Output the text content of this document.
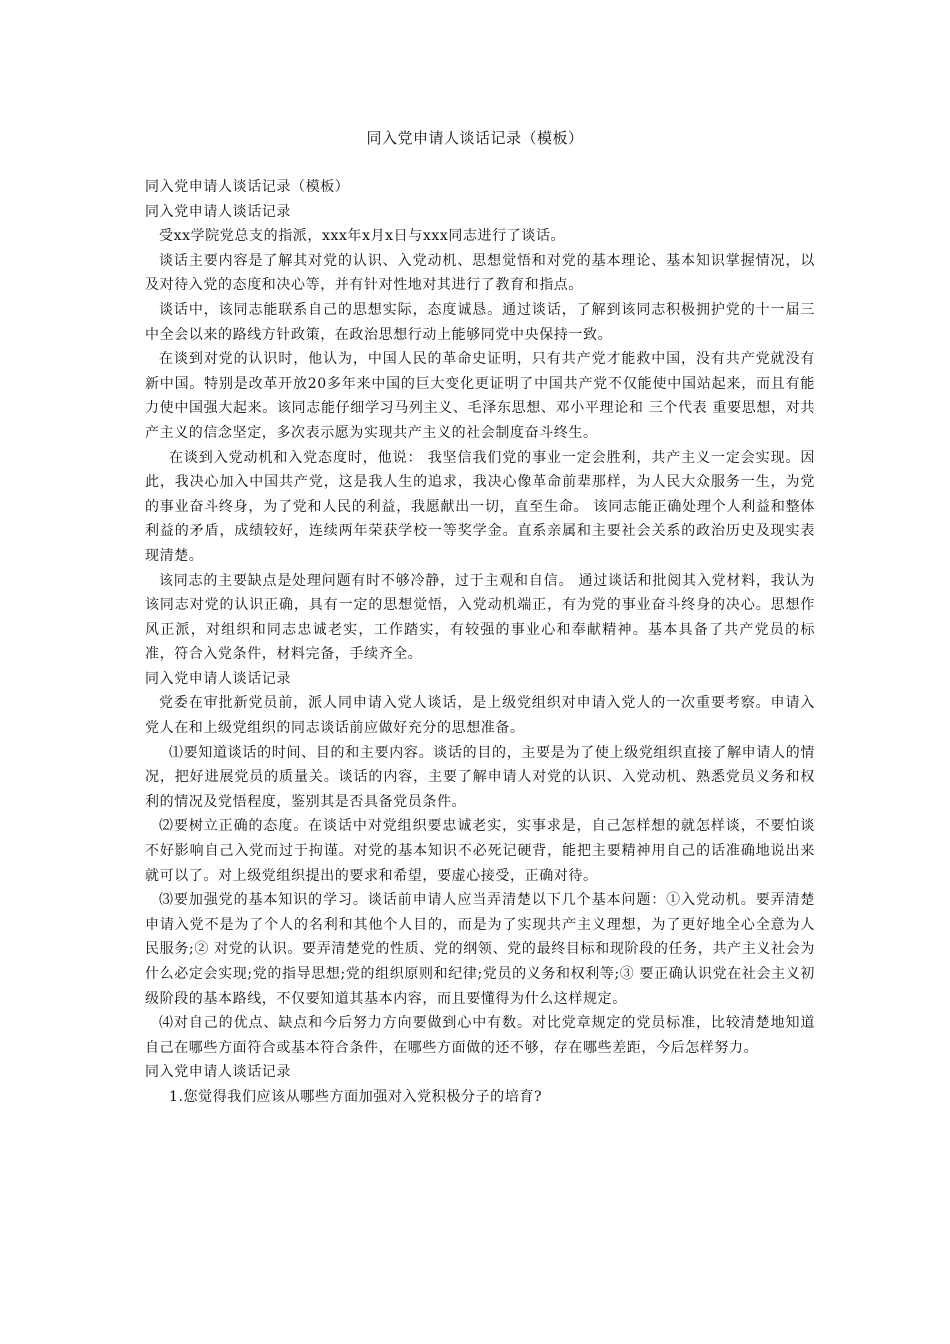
同入党申请人谈话记录（模板）

同入党申请人谈话记录（模板）

同入党申请人谈话记录

受xx学院党总支的指派，xxx年x月x日与xxx同志进行了谈话。

谈话主要内容是了解其对党的认识、入党动机、思想觉悟和对党的基本理论、基本知识掌握情况，以及对待入党的态度和决心等，并有针对性地对其进行了教育和指点。

谈话中，该同志能联系自己的思想实际，态度诚恳。通过谈话，了解到该同志积极拥护党的十一届三中全会以来的路线方针政策，在政治思想行动上能够同党中央保持一致。

在谈到对党的认识时，他认为，中国人民的革命史证明，只有共产党才能救中国，没有共产党就没有新中国。特别是改革开放20多年来中国的巨大变化更证明了中国共产党不仅能使中国站起来，而且有能力使中国强大起来。该同志能仔细学习马列主义、毛泽东思想、邓小平理论和 三个代表 重要思想，对共产主义的信念坚定，多次表示愿为实现共产主义的社会制度奋斗终生。

在谈到入党动机和入党态度时，他说： 我坚信我们党的事业一定会胜利，共产主义一定会实现。因此，我决心加入中国共产党，这是我人生的追求，我决心像革命前辈那样，为人民大众服务一生，为党的事业奋斗终身，为了党和人民的利益，我愿献出一切，直至生命。 该同志能正确处理个人利益和整体利益的矛盾，成绩较好，连续两年荣获学校一等奖学金。直系亲属和主要社会关系的政治历史及现实表现清楚。

该同志的主要缺点是处理问题有时不够冷静，过于主观和自信。 通过谈话和批阅其入党材料，我认为该同志对党的认识正确，具有一定的思想觉悟，入党动机端正，有为党的事业奋斗终身的决心。思想作风正派，对组织和同志忠诚老实，工作踏实，有较强的事业心和奉献精神。基本具备了共产党员的标准，符合入党条件，材料完备，手续齐全。

同入党申请人谈话记录

党委在审批新党员前，派人同申请入党人谈话，是上级党组织对申请入党人的一次重要考察。申请入党人在和上级党组织的同志谈话前应做好充分的思想准备。

⑴要知道谈话的时间、目的和主要内容。谈话的目的，主要是为了使上级党组织直接了解申请人的情况，把好进展党员的质量关。谈话的内容，主要了解申请人对党的认识、入党动机、熟悉党员义务和权利的情况及党悟程度，鉴别其是否具备党员条件。

⑵要树立正确的态度。在谈话中对党组织要忠诚老实，实事求是，自己怎样想的就怎样谈，不要怕谈不好影响自己入党而过于拘谨。对党的基本知识不必死记硬背，能把主要精神用自己的话准确地说出来就可以了。对上级党组织提出的要求和希望，要虚心接受，正确对待。

⑶要加强党的基本知识的学习。谈话前申请人应当弄清楚以下几个基本问题：①入党动机。要弄清楚申请入党不是为了个人的名利和其他个人目的，而是为了实现共产主义理想，为了更好地全心全意为人民服务;② 对党的认识。要弄清楚党的性质、党的纲领、党的最终目标和现阶段的任务，共产主义社会为什么必定会实现;党的指导思想;党的组织原则和纪律;党员的义务和权利等;③ 要正确认识党在社会主义初级阶段的基本路线，不仅要知道其基本内容，而且要懂得为什么这样规定。

⑷对自己的优点、缺点和今后努力方向要做到心中有数。对比党章规定的党员标准，比较清楚地知道自己在哪些方面符合或基本符合条件，在哪些方面做的还不够，存在哪些差距，今后怎样努力。

同入党申请人谈话记录

1.您觉得我们应该从哪些方面加强对入党积极分子的培育?
